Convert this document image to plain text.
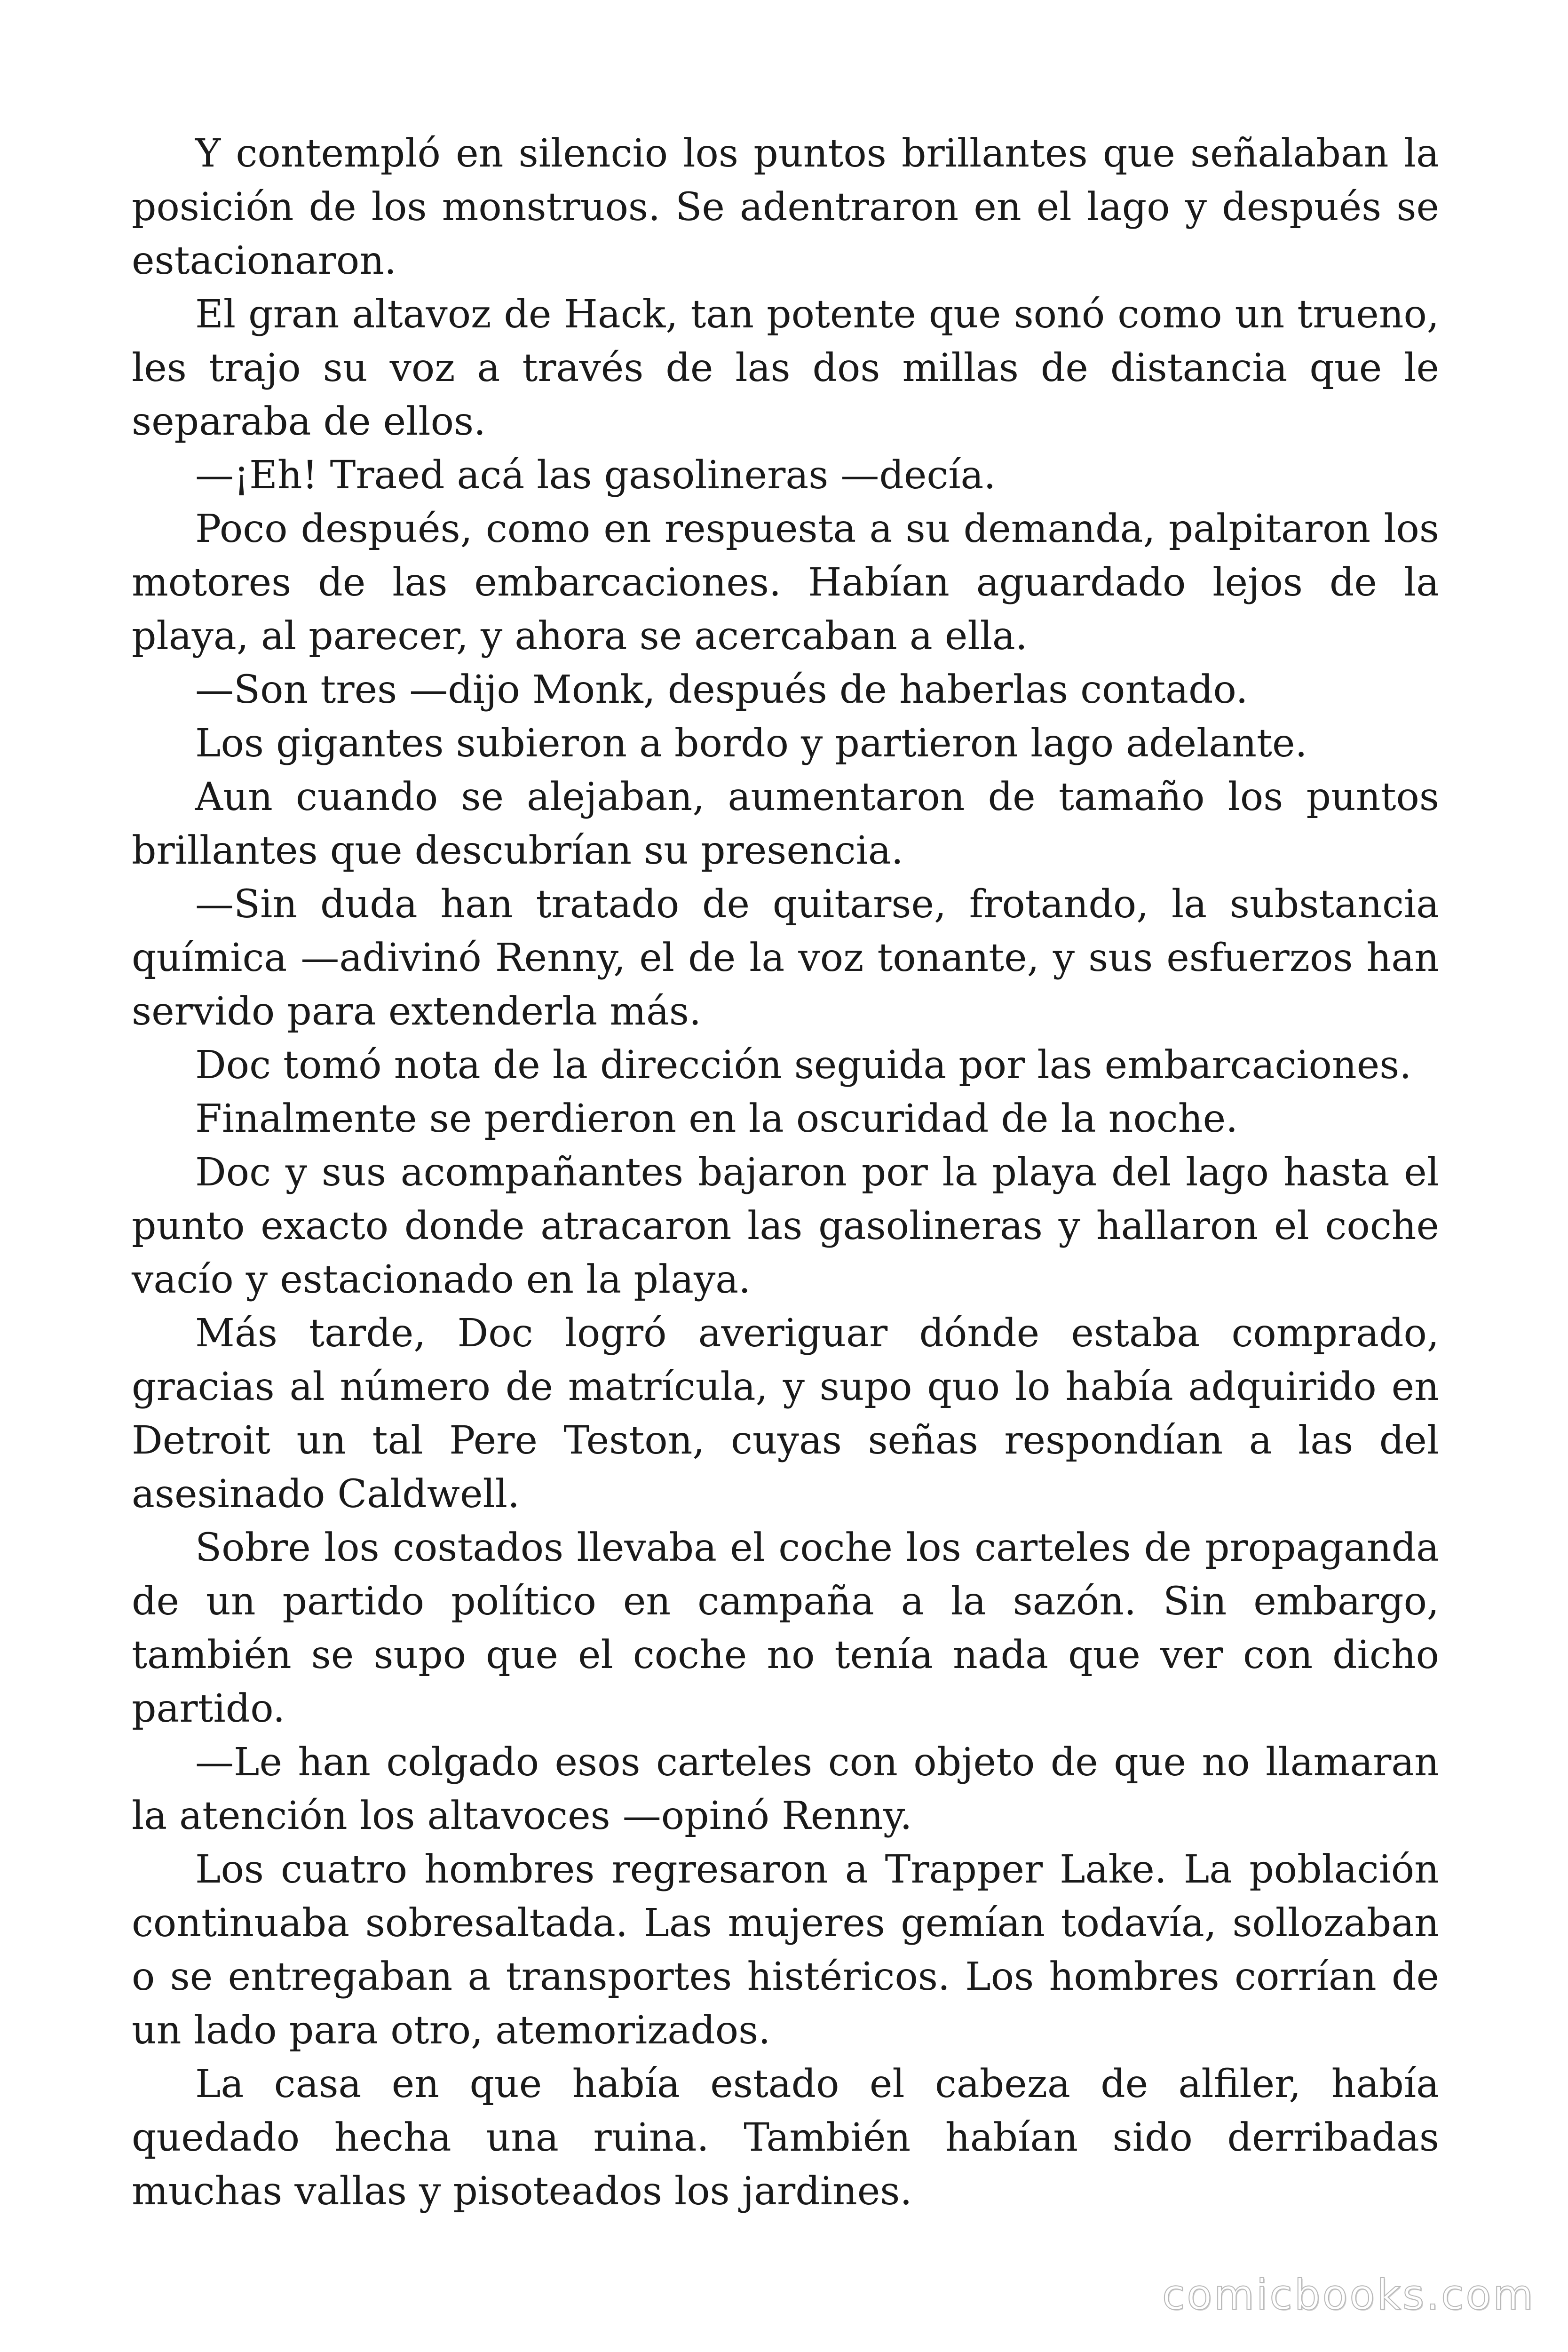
Y contempló en silencio los puntos brillantes que señalaban la posición de los monstruos. Se adentraron en el lago y después se estacionaron.

El gran altavoz de Hack, tan potente que sonó como un trueno, les trajo su voz a través de las dos millas de distancia que le separaba de ellos.

—¡Eh! Traed acá las gasolineras —decía.

Poco después, como en respuesta a su demanda, palpitaron los motores de las embarcaciones. Habían aguardado lejos de la playa, al parecer, y ahora se acercaban a ella.

—Son tres —dijo Monk, después de haberlas contado.

Los gigantes subieron a bordo y partieron lago adelante.

Aun cuando se alejaban, aumentaron de tamaño los puntos brillantes que descubrían su presencia.

—Sin duda han tratado de quitarse, frotando, la substancia química —adivinó Renny, el de la voz tonante, y sus esfuerzos han servido para extenderla más.

Doc tomó nota de la dirección seguida por las embarcaciones.

Finalmente se perdieron en la oscuridad de la noche.

Doc y sus acompañantes bajaron por la playa del lago hasta el punto exacto donde atracaron las gasolineras y hallaron el coche vacío y estacionado en la playa.

Más tarde, Doc logró averiguar dónde estaba comprado, gracias al número de matrícula, y supo quo lo había adquirido en Detroit un tal Pere Teston, cuyas señas respondían a las del asesinado Caldwell.

Sobre los costados llevaba el coche los carteles de propaganda de un partido político en campaña a la sazón. Sin embargo, también se supo que el coche no tenía nada que ver con dicho partido.

—Le han colgado esos carteles con objeto de que no llamaran la atención los altavoces —opinó Renny.

Los cuatro hombres regresaron a Trapper Lake. La población continuaba sobresaltada. Las mujeres gemían todavía, sollozaban o se entregaban a transportes histéricos. Los hombres corrían de un lado para otro, atemorizados.

La casa en que había estado el cabeza de alfiler, había quedado hecha una ruina. También habían sido derribadas muchas vallas y pisoteados los jardines.

comicbooks.com
